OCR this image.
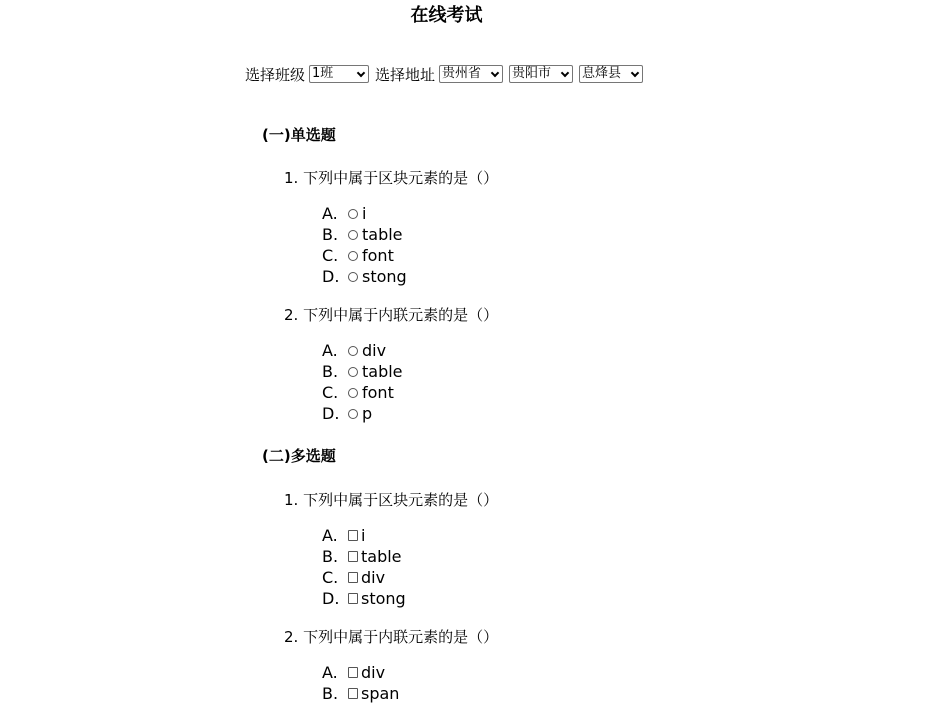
在线考试
选择班级 1班	选择地址 贵州省 贵阳市 息烽县
(一)单选题

1. 下列中属于区块元素的是（）

A.	i
B.	table
C.	font
D.	stong

2. 下列中属于内联元素的是（）

A.	div
B.	table
C.	font
D.	p
(二)多选题

1. 下列中属于区块元素的是（）

A.	i
B.	table
C.	div
D.	stong

2. 下列中属于内联元素的是（）

A.	div
B.	span
